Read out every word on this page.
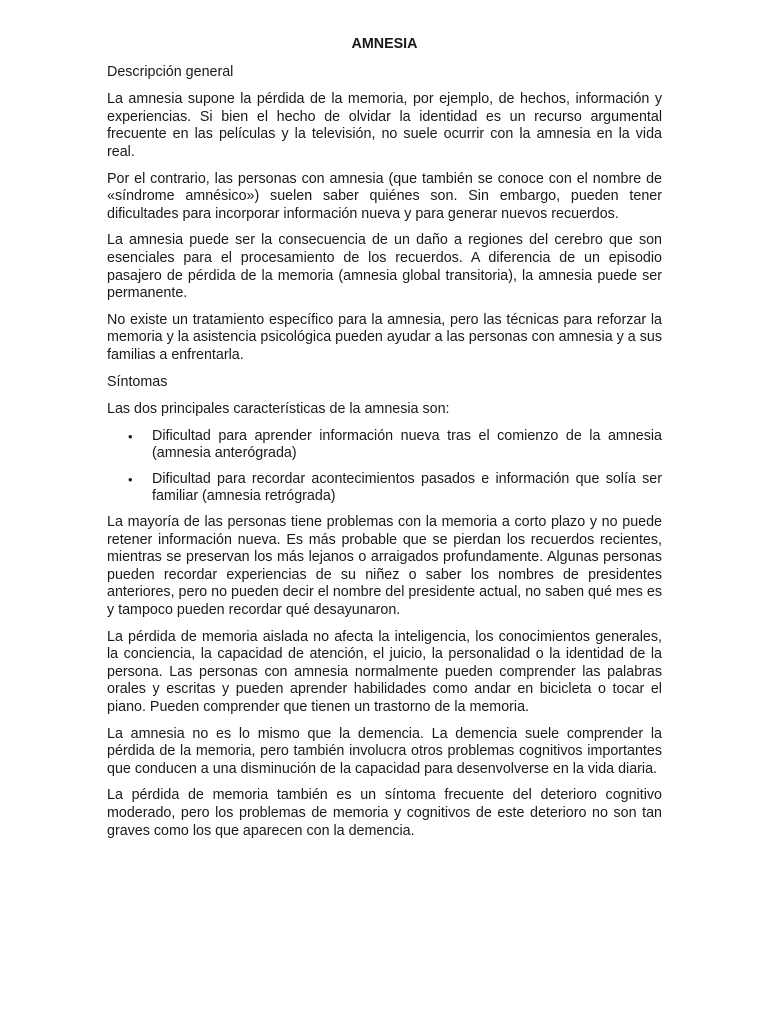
AMNESIA
Descripción general

La amnesia supone la pérdida de la memoria, por ejemplo, de hechos, información y experiencias. Si bien el hecho de olvidar la identidad es un recurso argumental frecuente en las películas y la televisión, no suele ocurrir con la amnesia en la vida real.

Por el contrario, las personas con amnesia (que también se conoce con el nombre de «síndrome amnésico») suelen saber quiénes son. Sin embargo, pueden tener dificultades para incorporar información nueva y para generar nuevos recuerdos.

La amnesia puede ser la consecuencia de un daño a regiones del cerebro que son esenciales para el procesamiento de los recuerdos. A diferencia de un episodio pasajero de pérdida de la memoria (amnesia global transitoria), la amnesia puede ser permanente.

No existe un tratamiento específico para la amnesia, pero las técnicas para reforzar la memoria y la asistencia psicológica pueden ayudar a las personas con amnesia y a sus familias a enfrentarla.

Síntomas

Las dos principales características de la amnesia son:

• Dificultad para aprender información nueva tras el comienzo de la amnesia (amnesia anterógrada)
• Dificultad para recordar acontecimientos pasados e información que solía ser familiar (amnesia retrógrada)

La mayoría de las personas tiene problemas con la memoria a corto plazo y no puede retener información nueva. Es más probable que se pierdan los recuerdos recientes, mientras se preservan los más lejanos o arraigados profundamente. Algunas personas pueden recordar experiencias de su niñez o saber los nombres de presidentes anteriores, pero no pueden decir el nombre del presidente actual, no saben qué mes es y tampoco pueden recordar qué desayunaron.

La pérdida de memoria aislada no afecta la inteligencia, los conocimientos generales, la conciencia, la capacidad de atención, el juicio, la personalidad o la identidad de la persona. Las personas con amnesia normalmente pueden comprender las palabras orales y escritas y pueden aprender habilidades como andar en bicicleta o tocar el piano. Pueden comprender que tienen un trastorno de la memoria.

La amnesia no es lo mismo que la demencia. La demencia suele comprender la pérdida de la memoria, pero también involucra otros problemas cognitivos importantes que conducen a una disminución de la capacidad para desenvolverse en la vida diaria.

La pérdida de memoria también es un síntoma frecuente del deterioro cognitivo moderado, pero los problemas de memoria y cognitivos de este deterioro no son tan graves como los que aparecen con la demencia.
